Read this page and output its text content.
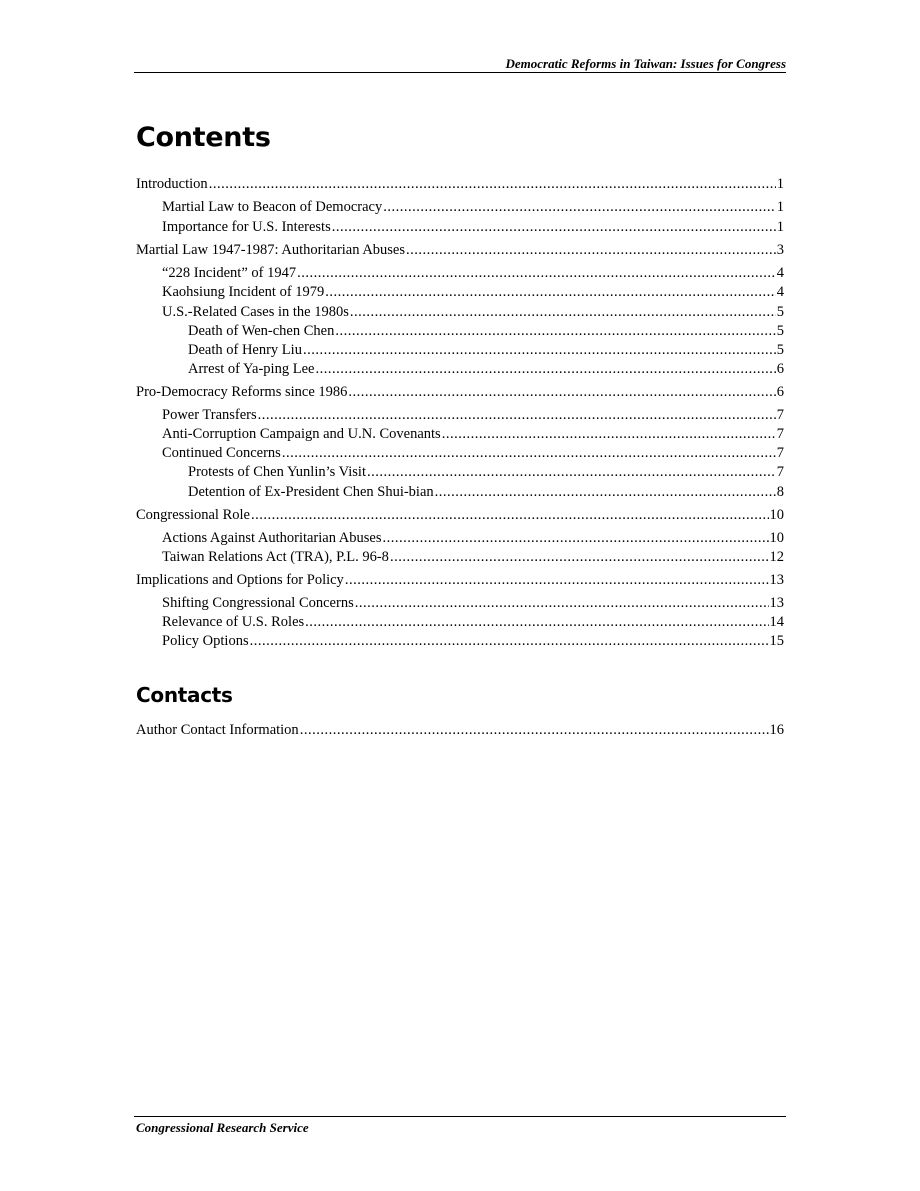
Democratic Reforms in Taiwan: Issues for Congress
Contents
Introduction .....	1
Martial Law to Beacon of Democracy .....	1
Importance for U.S. Interests .....	1
Martial Law 1947-1987: Authoritarian Abuses .....	3
“228 Incident” of 1947 .....	4
Kaohsiung Incident of 1979 .....	4
U.S.-Related Cases in the 1980s .....	5
Death of Wen-chen Chen .....	5
Death of Henry Liu .....	5
Arrest of Ya-ping Lee .....	6
Pro-Democracy Reforms since 1986 .....	6
Power Transfers .....	7
Anti-Corruption Campaign and U.N. Covenants .....	7
Continued Concerns .....	7
Protests of Chen Yunlin’s Visit .....	7
Detention of Ex-President Chen Shui-bian .....	8
Congressional Role .....	10
Actions Against Authoritarian Abuses .....	10
Taiwan Relations Act (TRA), P.L. 96-8 .....	12
Implications and Options for Policy .....	13
Shifting Congressional Concerns .....	13
Relevance of U.S. Roles .....	14
Policy Options .....	15
Contacts
Author Contact Information .....	16
Congressional Research Service
